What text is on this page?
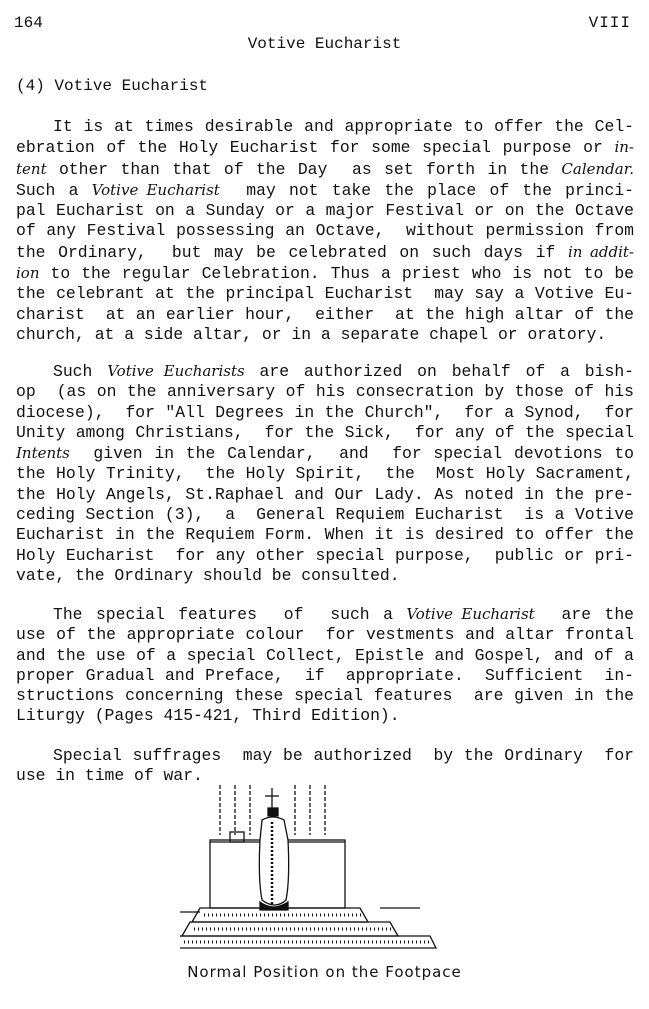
164	VIII
Votive Eucharist
(4) Votive Eucharist

It is at times desirable and appropriate to offer the Cel-
ebration of the Holy Eucharist for some special purpose or in-
tent other than that of the Day  as set forth in the Calendar.
Such a Votive Eucharist  may not take the place of the princi-
pal Eucharist on a Sunday or a major Festival or on the Octave
of any Festival possessing an Octave,  without permission from
the Ordinary,  but may be celebrated on such days if in addit-
ion to the regular Celebration. Thus a priest who is not to be
the celebrant at the principal Eucharist  may say a Votive Eu-
charist  at an earlier hour,  either  at the high altar of the
church, at a side altar, or in a separate chapel or oratory.

Such Votive Eucharists are authorized on behalf of a bish-
op  (as on the anniversary of his consecration by those of his
diocese),  for "All Degrees in the Church",  for a Synod,  for
Unity among Christians,  for the Sick,  for any of the special
Intents  given in the Calendar,  and  for special devotions to
the Holy Trinity,  the Holy Spirit,  the  Most Holy Sacrament,
the Holy Angels, St.Raphael and Our Lady. As noted in the pre-
ceding Section (3),  a  General Requiem Eucharist  is a Votive
Eucharist in the Requiem Form. When it is desired to offer the
Holy Eucharist  for any other special purpose,  public or pri-
vate, the Ordinary should be consulted.

The special features  of  such a Votive Eucharist  are the
use of the appropriate colour  for vestments and altar frontal
and the use of a special Collect, Epistle and Gospel, and of a
proper Gradual and Preface,  if  appropriate.  Sufficient  in-
structions concerning these special features  are given in the
Liturgy (Pages 415-421, Third Edition).

Special suffrages  may be authorized  by the Ordinary  for
use in time of war.

Normal Position on the Footpace
